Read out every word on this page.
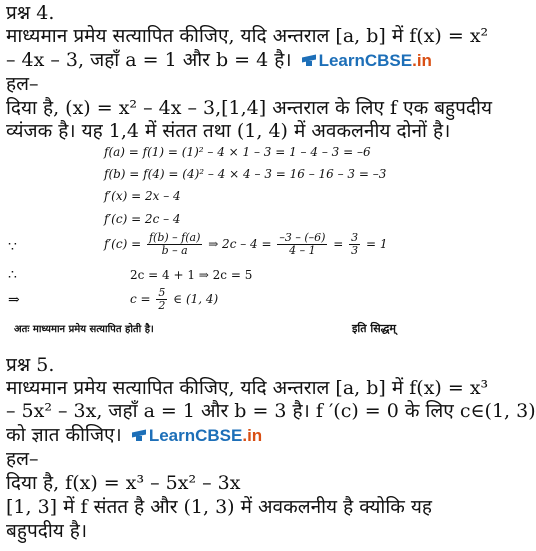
प्रश्न 4.
माध्यमान प्रमेय सत्यापित कीजिए, यदि अन्तराल [a, b] में f(x) = x²
– 4x – 3, जहाँ a = 1 और b = 4 है। LearnCBSE.in
हल–
दिया है, (x) = x² – 4x – 3,[1,4] अन्तराल के लिए f एक बहुपदीय
व्यंजक है। यह 1,4 में संतत तथा (1, 4) में अवकलनीय दोनों है।
f(a) = f(1) = (1)² – 4 × 1 – 3 = 1 – 4 – 3 = –6
f(b) = f(4) = (4)² – 4 × 4 – 3 = 16 – 16 – 3 = –3
f′(x) = 2x – 4
f′(c) = 2c – 4
∵	$f'(c) = \frac{f(b) - f(a)}{b - a}$ ⇒ $2c - 4 = \frac{-3 - (-6)}{4 - 1} = \frac{3}{3} = 1$
∴	2c = 4 + 1 ⇒ 2c = 5
⇒	$c = \frac{5}{2}$ ∈ (1, 4)
अतः माध्यमान प्रमेय सत्यापित होती है।	इति सिद्धम्
प्रश्न 5.
माध्यमान प्रमेय सत्यापित कीजिए, यदि अन्तराल [a, b] में f(x) = x³
– 5x² – 3x, जहाँ a = 1 और b = 3 है। f ′(c) = 0 के लिए c∈(1, 3)
को ज्ञात कीजिए। LearnCBSE.in
हल–
दिया है, f(x) = x³ – 5x² – 3x
[1, 3] में f संतत है और (1, 3) में अवकलनीय है क्योकि यह
बहुपदीय है।
